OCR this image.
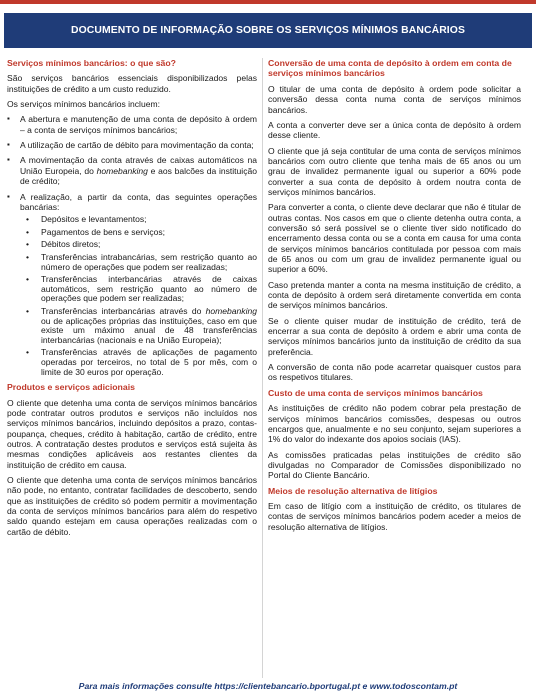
DOCUMENTO DE INFORMAÇÃO SOBRE OS SERVIÇOS MÍNIMOS BANCÁRIOS
Serviços mínimos bancários: o que são?

São serviços bancários essenciais disponibilizados pelas instituições de crédito a um custo reduzido.

Os serviços mínimos bancários incluem:

▪ A abertura e manutenção de uma conta de depósito à ordem – a conta de serviços mínimos bancários;
▪ A utilização de cartão de débito para movimentação da conta;
▪ A movimentação da conta através de caixas automáticos na União Europeia, do homebanking e aos balcões da instituição de crédito;
▪ A realização, a partir da conta, das seguintes operações bancárias:
• Depósitos e levantamentos;
• Pagamentos de bens e serviços;
• Débitos diretos;
• Transferências intrabancárias, sem restrição quanto ao número de operações que podem ser realizadas;
• Transferências interbancárias através de caixas automáticos, sem restrição quanto ao número de operações que podem ser realizadas;
• Transferências interbancárias através do homebanking ou de aplicações próprias das instituições, caso em que existe um máximo anual de 48 transferências interbancárias (nacionais e na União Europeia);
• Transferências através de aplicações de pagamento operadas por terceiros, no total de 5 por mês, com o limite de 30 euros por operação.
Produtos e serviços adicionais

O cliente que detenha uma conta de serviços mínimos bancários pode contratar outros produtos e serviços não incluídos nos serviços mínimos bancários, incluindo depósitos a prazo, contas-poupança, cheques, crédito à habitação, cartão de crédito, entre outros. A contratação destes produtos e serviços está sujeita às mesmas condições aplicáveis aos restantes clientes da instituição de crédito em causa.

O cliente que detenha uma conta de serviços mínimos bancários não pode, no entanto, contratar facilidades de descoberto, sendo que as instituições de crédito só podem permitir a movimentação da conta de serviços mínimos bancários para além do respetivo saldo quando estejam em causa operações realizadas com o cartão de débito.

Conversão de uma conta de depósito à ordem em conta de serviços mínimos bancários

O titular de uma conta de depósito à ordem pode solicitar a conversão dessa conta numa conta de serviços mínimos bancários.

A conta a converter deve ser a única conta de depósito à ordem desse cliente.

O cliente que já seja contitular de uma conta de serviços mínimos bancários com outro cliente que tenha mais de 65 anos ou um grau de invalidez permanente igual ou superior a 60% pode converter a sua conta de depósito à ordem noutra conta de serviços mínimos bancários.

Para converter a conta, o cliente deve declarar que não é titular de outras contas. Nos casos em que o cliente detenha outra conta, a conversão só será possível se o cliente tiver sido notificado do encerramento dessa conta ou se a conta em causa for uma conta de serviços mínimos bancários contitulada por pessoa com mais de 65 anos ou com um grau de invalidez permanente igual ou superior a 60%.

Caso pretenda manter a conta na mesma instituição de crédito, a conta de depósito à ordem será diretamente convertida em conta de serviços mínimos bancários.

Se o cliente quiser mudar de instituição de crédito, terá de encerrar a sua conta de depósito à ordem e abrir uma conta de serviços mínimos bancários junto da instituição de crédito da sua preferência.

A conversão de conta não pode acarretar quaisquer custos para os respetivos titulares.

Custo de uma conta de serviços mínimos bancários

As instituições de crédito não podem cobrar pela prestação de serviços mínimos bancários comissões, despesas ou outros encargos que, anualmente e no seu conjunto, sejam superiores a 1% do valor do indexante dos apoios sociais (IAS).

As comissões praticadas pelas instituições de crédito são divulgadas no Comparador de Comissões disponibilizado no Portal do Cliente Bancário.

Meios de resolução alternativa de litígios

Em caso de litígio com a instituição de crédito, os titulares de contas de serviços mínimos bancários podem aceder a meios de resolução alternativa de litígios.

Para mais informações consulte https://clientebancario.bportugal.pt e www.todoscontam.pt
